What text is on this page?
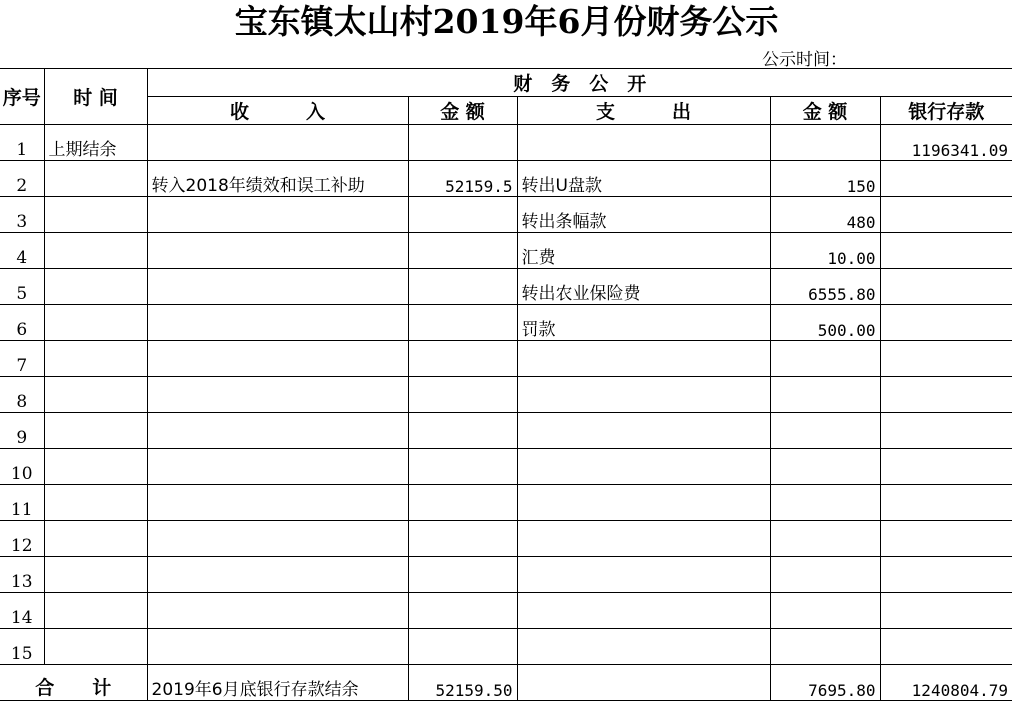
宝东镇太山村2019年6月份财务公示
公示时间：
序号	时 间	财　务　公　开				
		收　　　入	金 额	支　　　出	金 额	银行存款
1	上期结余					1196341.09
2		转入2018年绩效和误工补助	52159.5	转出U盘款	150	
3				转出条幅款	480	
4				汇费	10.00	
5				转出农业保险费	6555.80	
6				罚款	500.00	
7						
8						
9						
10						
11						
12						
13						
14						
15						
合　　计		2019年6月底银行存款结余	52159.50		7695.80	1240804.79
